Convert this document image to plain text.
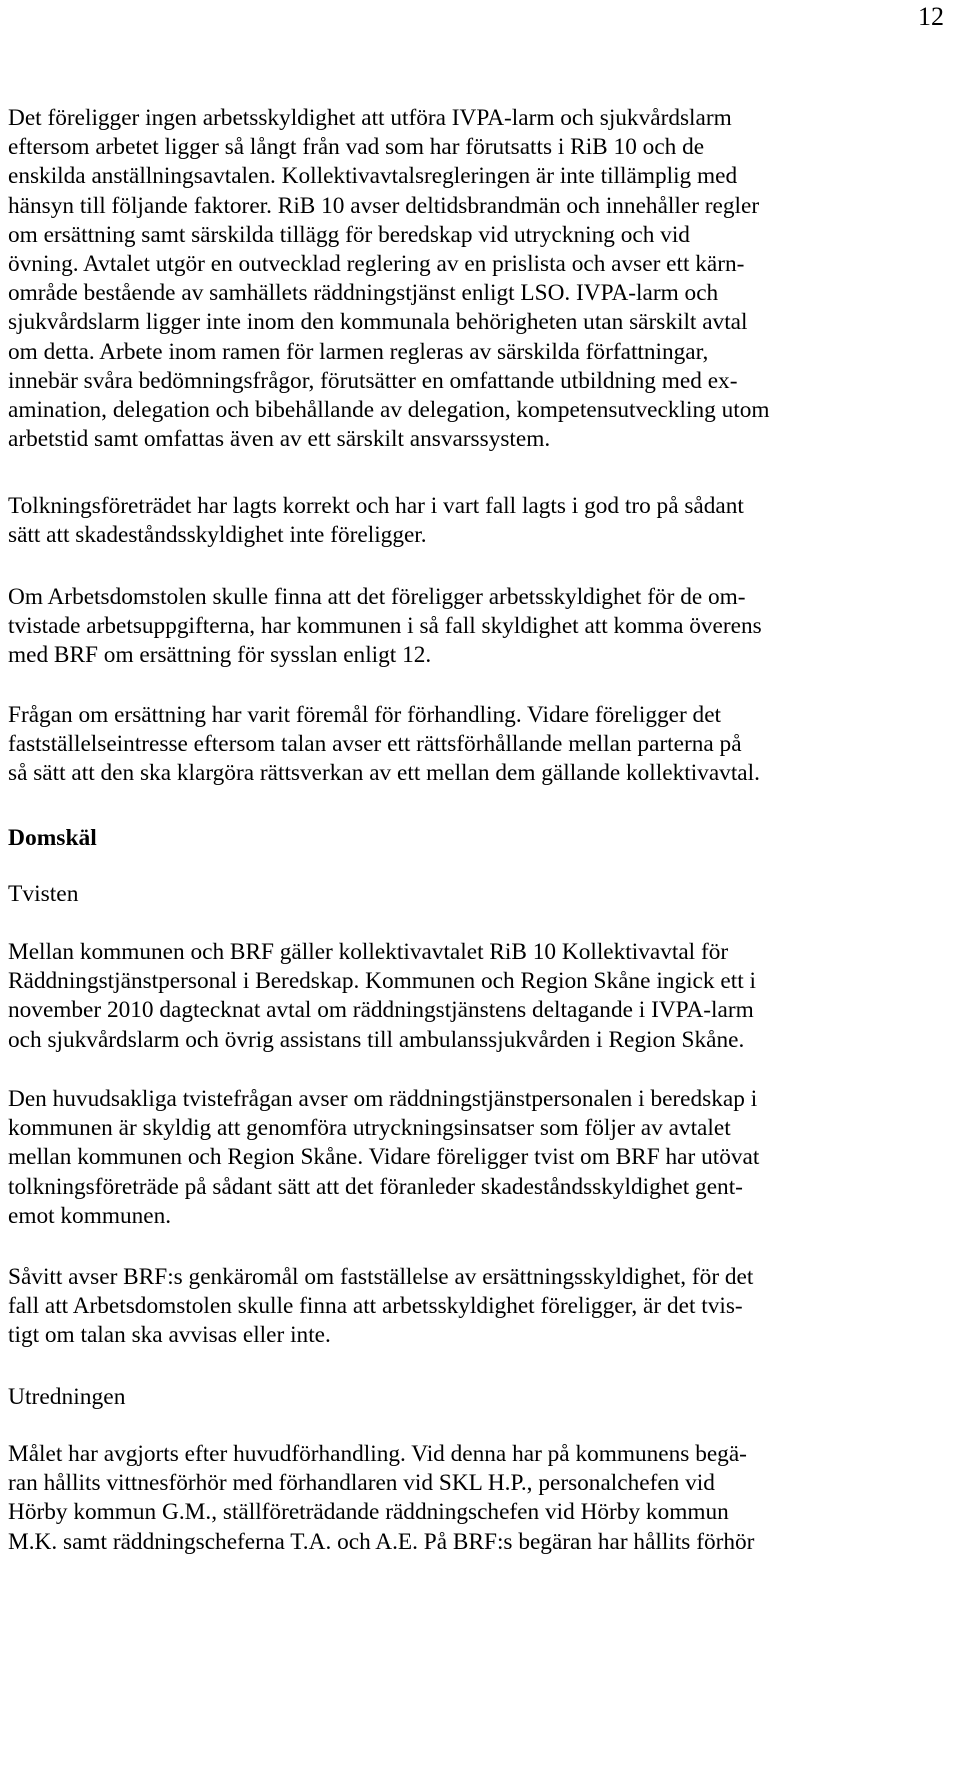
12

Det föreligger ingen arbetsskyldighet att utföra IVPA-larm och sjukvårdslarm
eftersom arbetet ligger så långt från vad som har förutsatts i RiB 10 och de
enskilda anställningsavtalen. Kollektivavtalsregleringen är inte tillämplig med
hänsyn till följande faktorer. RiB 10 avser deltidsbrandmän och innehåller regler
om ersättning samt särskilda tillägg för beredskap vid utryckning och vid
övning. Avtalet utgör en outvecklad reglering av en prislista och avser ett kärn-
område bestående av samhällets räddningstjänst enligt LSO. IVPA-larm och
sjukvårdslarm ligger inte inom den kommunala behörigheten utan särskilt avtal
om detta. Arbete inom ramen för larmen regleras av särskilda författningar,
innebär svåra bedömningsfrågor, förutsätter en omfattande utbildning med ex-
amination, delegation och bibehållande av delegation, kompetensutveckling utom
arbetstid samt omfattas även av ett särskilt ansvarssystem.

Tolkningsföreträdet har lagts korrekt och har i vart fall lagts i god tro på sådant
sätt att skadeståndsskyldighet inte föreligger.

Om Arbetsdomstolen skulle finna att det föreligger arbetsskyldighet för de om-
tvistade arbetsuppgifterna, har kommunen i så fall skyldighet att komma överens
med BRF om ersättning för sysslan enligt 12.

Frågan om ersättning har varit föremål för förhandling. Vidare föreligger det
fastställelseintresse eftersom talan avser ett rättsförhållande mellan parterna på
så sätt att den ska klargöra rättsverkan av ett mellan dem gällande kollektivavtal.

Domskäl
Tvisten

Mellan kommunen och BRF gäller kollektivavtalet RiB 10 Kollektivavtal för
Räddningstjänstpersonal i Beredskap. Kommunen och Region Skåne ingick ett i
november 2010 dagtecknat avtal om räddningstjänstens deltagande i IVPA-larm
och sjukvårdslarm och övrig assistans till ambulanssjukvården i Region Skåne.

Den huvudsakliga tvistefrågan avser om räddningstjänstpersonalen i beredskap i
kommunen är skyldig att genomföra utryckningsinsatser som följer av avtalet
mellan kommunen och Region Skåne. Vidare föreligger tvist om BRF har utövat
tolkningsföreträde på sådant sätt att det föranleder skadeståndsskyldighet gent-
emot kommunen.

Såvitt avser BRF:s genkäromål om fastställelse av ersättningsskyldighet, för det
fall att Arbetsdomstolen skulle finna att arbetsskyldighet föreligger, är det tvis-
tigt om talan ska avvisas eller inte.

Utredningen

Målet har avgjorts efter huvudförhandling. Vid denna har på kommunens begä-
ran hållits vittnesförhör med förhandlaren vid SKL H.P., personalchefen vid
Hörby kommun G.M., ställföreträdande räddningschefen vid Hörby kommun
M.K. samt räddningscheferna T.A. och A.E. På BRF:s begäran har hållits förhör
